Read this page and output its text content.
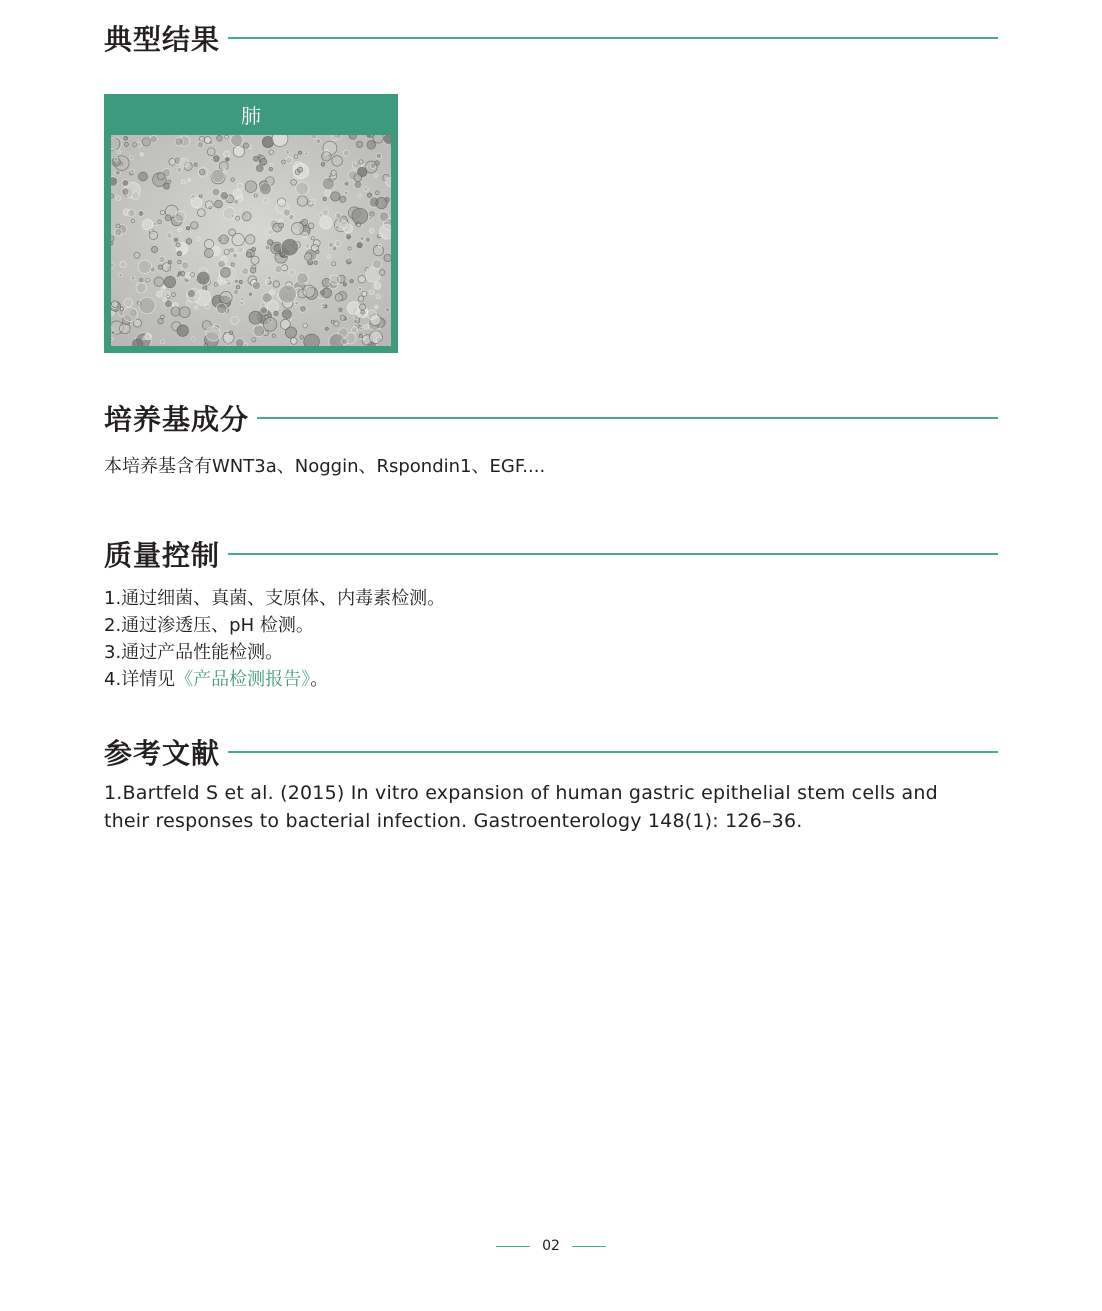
典型结果
肺
培养基成分
本培养基含有WNT3a、Noggin、Rspondin1、EGF....
质量控制
1.通过细菌、真菌、支原体、内毒素检测。
2.通过渗透压、pH 检测。
3.通过产品性能检测。
4.详情见《产品检测报告》。
参考文献
1.Bartfeld S et al. (2015) In vitro expansion of human gastric epithelial stem cells and their responses to bacterial infection. Gastroenterology 148(1): 126–36.
02
